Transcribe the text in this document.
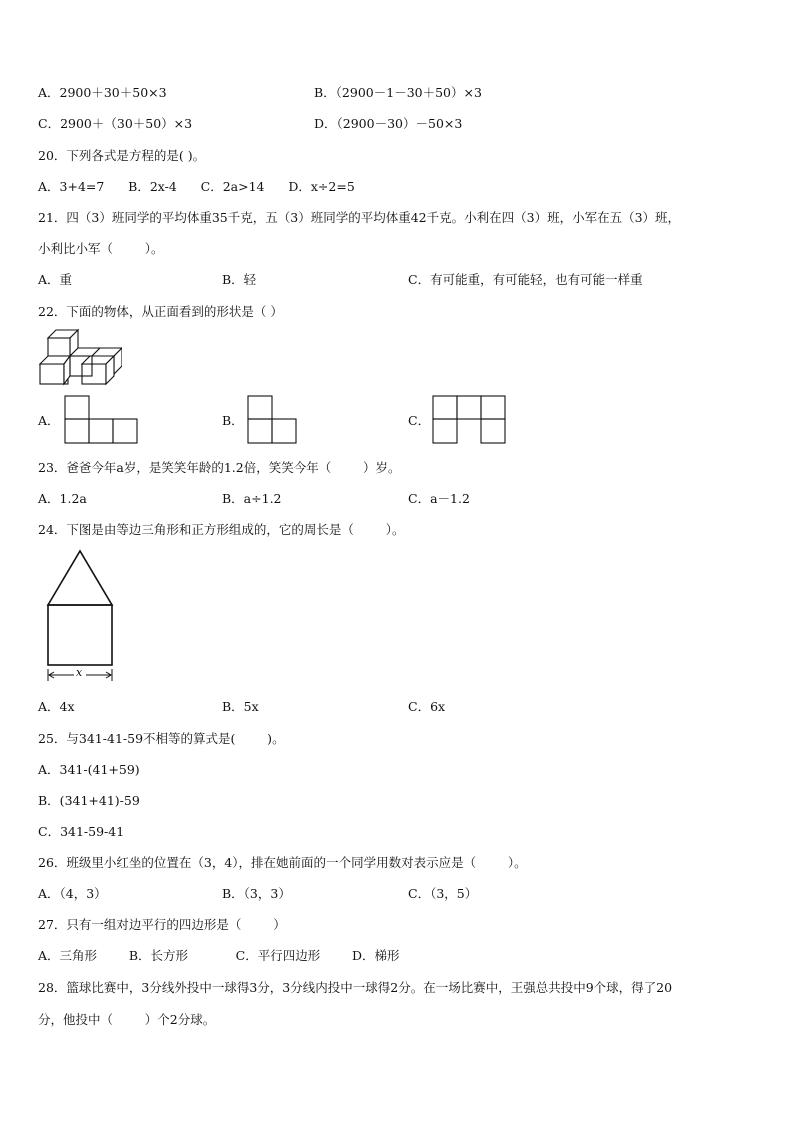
A．2900＋30＋50×3	B．（2900－1－30＋50）×3
C．2900＋（30＋50）×3	D．（2900－30）－50×3
20．下列各式是方程的是( )。
A．3+4=7      B．2x-4      C．2a>14      D．x÷2=5
21．四（3）班同学的平均体重35千克，五（3）班同学的平均体重42千克。小利在四（3）班，小军在五（3）班，
小利比小军（        ）。
A．重	B．轻	C．有可能重，有可能轻，也有可能一样重
22．下面的物体，从正面看到的形状是（ ）
A．	B．	C．
23．爸爸今年a岁，是笑笑年龄的1.2倍，笑笑今年（        ）岁。
A．1.2a	B．a÷1.2	C．a－1.2
24．下图是由等边三角形和正方形组成的，它的周长是（        ）。
x
A．4x	B．5x	C．6x
25．与341-41-59不相等的算式是(        )。
A．341-(41+59)
B．(341+41)-59
C．341-59-41
26．班级里小红坐的位置在（3，4），排在她前面的一个同学用数对表示应是（        ）。
A．（4，3）	B．（3，3）	C．（3，5）
27．只有一组对边平行的四边形是（        ）
A．三角形        B．长方形            C．平行四边形        D．梯形
28．篮球比赛中，3分线外投中一球得3分，3分线内投中一球得2分。在一场比赛中，王强总共投中9个球，得了20
分，他投中（        ）个2分球。
